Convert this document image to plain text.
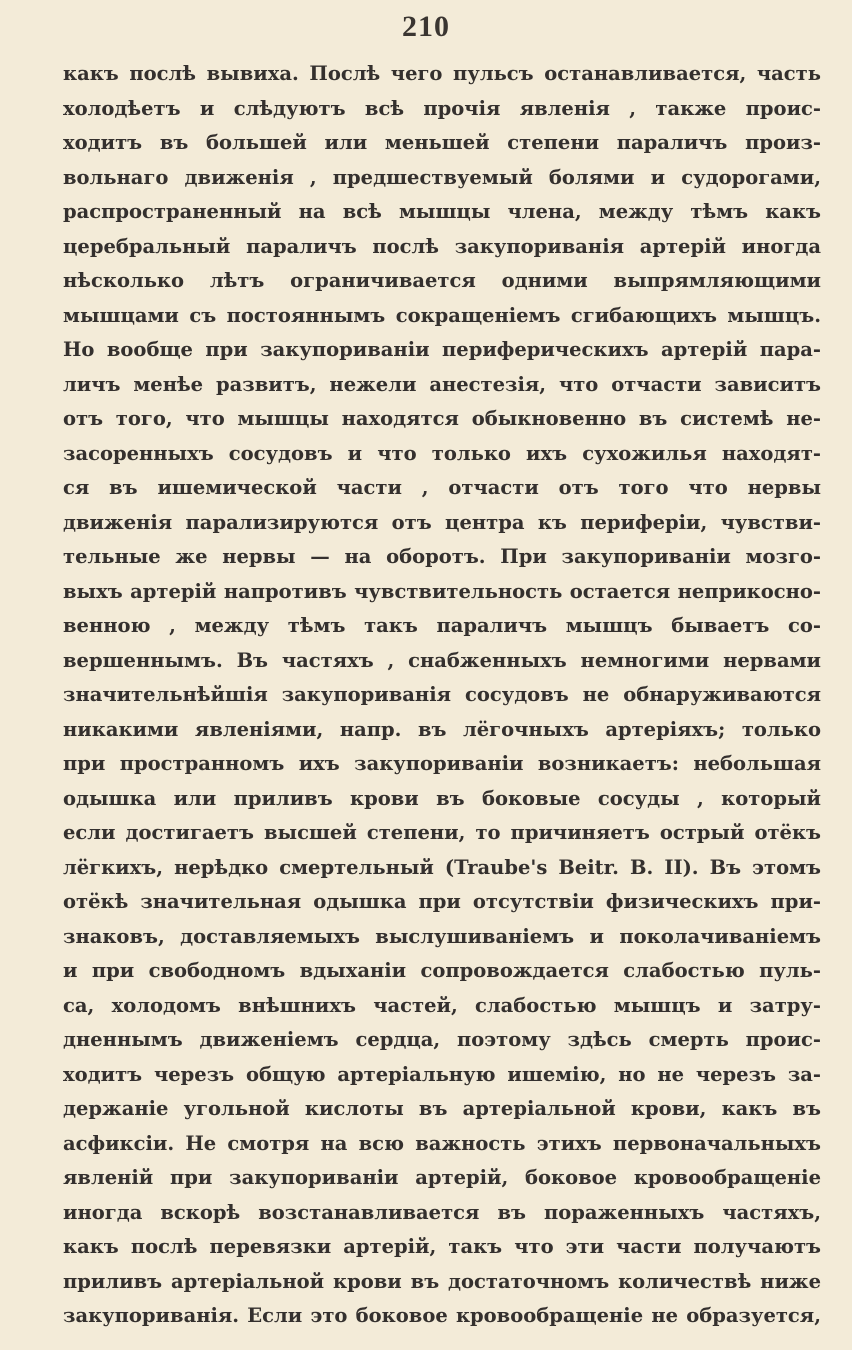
210
какъ послѣ вывиха. Послѣ чего пульсъ останавливается, часть
холодѣетъ и слѣдуютъ всѣ прочія явленія , также проис-
ходитъ въ большей или меньшей степени параличъ произ-
вольнаго движенія , предшествуемый болями и судорогами,
распространенный на всѣ мышцы члена, между тѣмъ какъ
церебральный параличъ послѣ закупориванія артерій иногда
нѣсколько лѣтъ ограничивается одними выпрямляющими
мышцами съ постояннымъ сокращеніемъ сгибающихъ мышцъ.
Но вообще при закупориваніи периферическихъ артерій пара-
личъ менѣе развитъ, нежели анестезія, что отчасти зависитъ
отъ того, что мышцы находятся обыкновенно въ системѣ не-
засоренныхъ сосудовъ и что только ихъ сухожилья находят-
ся въ ишемической части , отчасти отъ того что нервы
движенія парализируются отъ центра къ периферіи, чувстви-
тельные же нервы — на оборотъ. При закупориваніи мозго-
выхъ артерій напротивъ чувствительность остается неприкосно-
венною , между тѣмъ такъ параличъ мышцъ бываетъ со-
вершеннымъ. Въ частяхъ , снабженныхъ немногими нервами
значительнѣйшія закупориванія сосудовъ не обнаруживаются
никакими явленіями, напр. въ лёгочныхъ артеріяхъ; только
при пространномъ ихъ закупориваніи возникаетъ: небольшая
одышка или приливъ крови въ боковые сосуды , который
если достигаетъ высшей степени, то причиняетъ острый отёкъ
лёгкихъ, нерѣдко смертельный (Traube's Beitr. B. II). Въ этомъ
отёкѣ значительная одышка при отсутствіи физическихъ при-
знаковъ, доставляемыхъ выслушиваніемъ и поколачиваніемъ
и при свободномъ вдыханіи сопровождается слабостью пуль-
са, холодомъ внѣшнихъ частей, слабостью мышцъ и затру-
дненнымъ движеніемъ сердца, поэтому здѣсь смерть проис-
ходитъ черезъ общую артеріальную ишемію, но не черезъ за-
держаніе угольной кислоты въ артеріальной крови, какъ въ
асфиксіи. Не смотря на всю важность этихъ первоначальныхъ
явленій при закупориваніи артерій, боковое кровообращеніе
иногда вскорѣ возстанавливается въ пораженныхъ частяхъ,
какъ послѣ перевязки артерій, такъ что эти части получаютъ
приливъ артеріальной крови въ достаточномъ количествѣ ниже
закупориванія. Если это боковое кровообращеніе не образуется,
